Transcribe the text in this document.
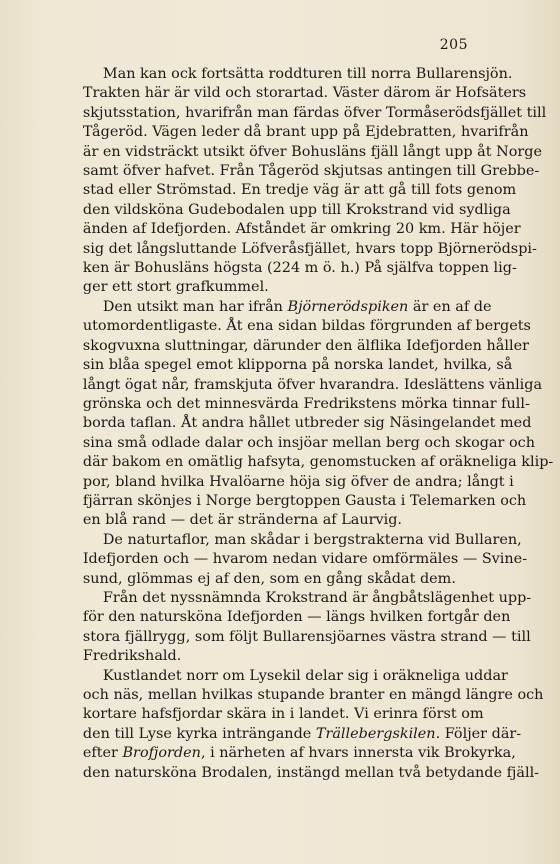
205
Man kan ock fortsätta roddturen till norra Bullarensjön.
Trakten här är vild och storartad. Väster därom är Hofsäters
skjutsstation, hvarifrån man färdas öfver Tormåserödsfjället till
Tågeröd. Vägen leder då brant upp på Ejdebratten, hvarifrån
är en vidsträckt utsikt öfver Bohusläns fjäll långt upp åt Norge
samt öfver hafvet. Från Tågeröd skjutsas antingen till Grebbe-
stad eller Strömstad. En tredje väg är att gå till fots genom
den vildsköna Gudebodalen upp till Krokstrand vid sydliga
änden af Idefjorden. Afståndet är omkring 20 km. Här höjer
sig det långsluttande Löfveråsfjället, hvars topp Björnerödspi-
ken är Bohusläns högsta (224 m ö. h.) På själfva toppen lig-
ger ett stort grafkummel.
Den utsikt man har ifrån Björnerödspiken är en af de
utomordentligaste. Åt ena sidan bildas förgrunden af bergets
skogvuxna sluttningar, därunder den älflika Idefjorden håller
sin blåa spegel emot klipporna på norska landet, hvilka, så
långt ögat når, framskjuta öfver hvarandra. Ideslättens vänliga
grönska och det minnesvärda Fredrikstens mörka tinnar full-
borda taflan. Åt andra hållet utbreder sig Näsingelandet med
sina små odlade dalar och insjöar mellan berg och skogar och
där bakom en omätlig hafsyta, genomstucken af oräkneliga klip-
por, bland hvilka Hvalöarne höja sig öfver de andra; långt i
fjärran skönjes i Norge bergtoppen Gausta i Telemarken och
en blå rand — det är stränderna af Laurvig.
De naturtaflor, man skådar i bergstrakterna vid Bullaren,
Idefjorden och — hvarom nedan vidare omförmäles — Svine-
sund, glömmas ej af den, som en gång skådat dem.
Från det nyssnämnda Krokstrand är ångbåtslägenhet upp-
för den natursköna Idefjorden — längs hvilken fortgår den
stora fjällrygg, som följt Bullarensjöarnes västra strand — till
Fredrikshald.
Kustlandet norr om Lysekil delar sig i oräkneliga uddar
och näs, mellan hvilkas stupande branter en mängd längre och
kortare hafsfjordar skära in i landet. Vi erinra först om
den till Lyse kyrka inträngande Trällebergskilen. Följer där-
efter Brofjorden, i närheten af hvars innersta vik Brokyrka,
den natursköna Brodalen, instängd mellan två betydande fjäll-
